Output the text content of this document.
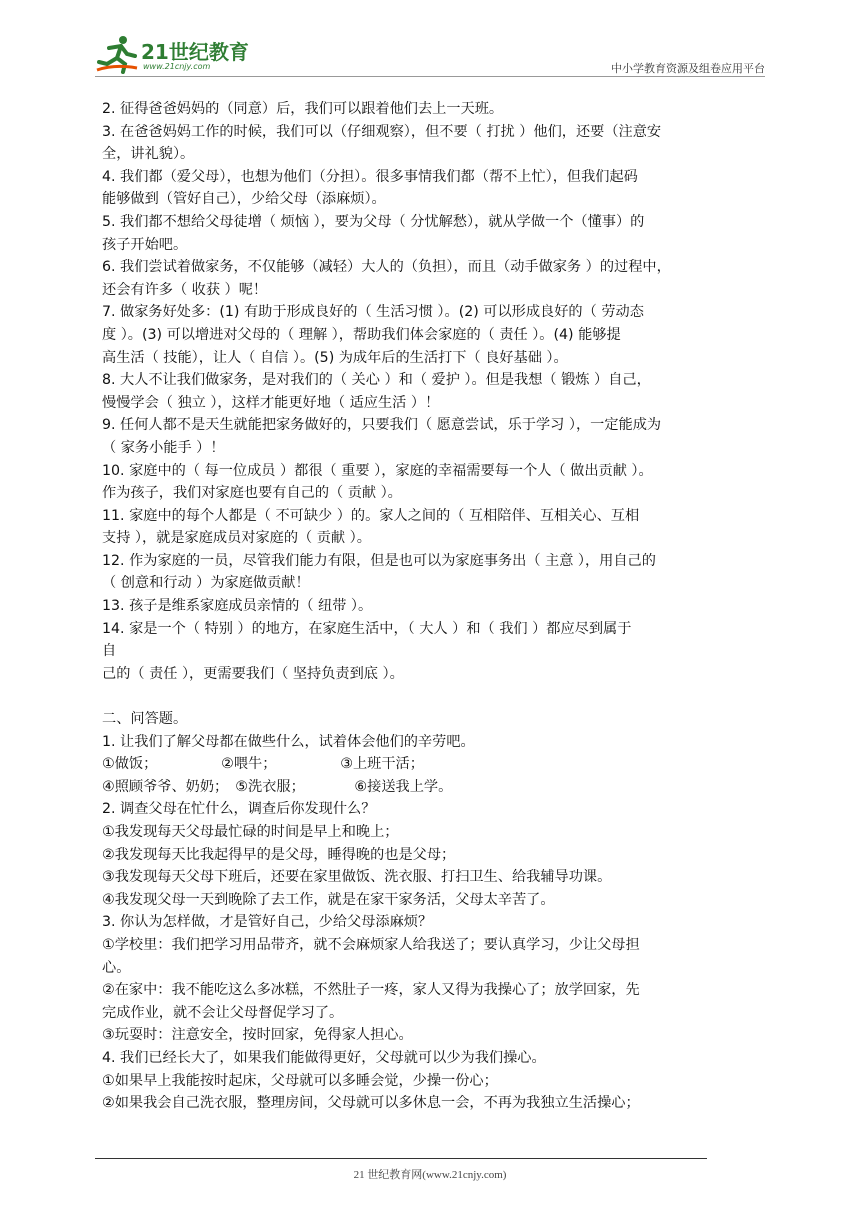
21世纪教育
www.21cnjy.com	中小学教育资源及组卷应用平台

2. 征得爸爸妈妈的（同意）后，我们可以跟着他们去上一天班。

3. 在爸爸妈妈工作的时候，我们可以（仔细观察），但不要（ 打扰 ）他们，还要（注意安

全，讲礼貌）。

4. 我们都（爱父母），也想为他们（分担）。很多事情我们都（帮不上忙），但我们起码

能够做到（管好自己），少给父母（添麻烦）。

5. 我们都不想给父母徒增（ 烦恼 ），要为父母（ 分忧解愁），就从学做一个（懂事）的

孩子开始吧。

6. 我们尝试着做家务，不仅能够（减轻）大人的（负担），而且（动手做家务 ）的过程中，

还会有许多（ 收获 ）呢！

7. 做家务好处多：(1) 有助于形成良好的（ 生活习惯 ）。(2) 可以形成良好的（ 劳动态

度 ）。(3) 可以增进对父母的（ 理解 ），帮助我们体会家庭的（ 责任 ）。(4) 能够提

高生活（ 技能），让人（ 自信 ）。(5) 为成年后的生活打下（ 良好基础 ）。

8. 大人不让我们做家务，是对我们的（ 关心 ）和（ 爱护 ）。但是我想（ 锻炼 ）自己，

慢慢学会（ 独立 ），这样才能更好地（ 适应生活 ）！

9. 任何人都不是天生就能把家务做好的，只要我们（ 愿意尝试，乐于学习 ），一定能成为

（ 家务小能手 ）！

10. 家庭中的（ 每一位成员 ）都很（ 重要 ），家庭的幸福需要每一个人（ 做出贡献 ）。

作为孩子，我们对家庭也要有自己的（ 贡献 ）。

11. 家庭中的每个人都是（ 不可缺少 ）的。家人之间的（ 互相陪伴、互相关心、互相

支持 ），就是家庭成员对家庭的（ 贡献 ）。

12. 作为家庭的一员，尽管我们能力有限，但是也可以为家庭事务出（ 主意 ），用自己的

（ 创意和行动 ）为家庭做贡献！

13. 孩子是维系家庭成员亲情的（ 纽带 ）。

14. 家是一个（ 特别 ）的地方，在家庭生活中，（ 大人 ）和（ 我们 ）都应尽到属于

自

己的（ 责任 ），更需要我们（ 坚持负责到底 ）。

二、问答题。

1. 让我们了解父母都在做些什么，试着体会他们的辛劳吧。

①做饭；　　　　　②喂牛；　　　　　③上班干活；

④照顾爷爷、奶奶；　⑤洗衣服；　　　　⑥接送我上学。

2. 调查父母在忙什么，调查后你发现什么？

①我发现每天父母最忙碌的时间是早上和晚上；

②我发现每天比我起得早的是父母，睡得晚的也是父母；

③我发现每天父母下班后，还要在家里做饭、洗衣服、打扫卫生、给我辅导功课。

④我发现父母一天到晚除了去工作，就是在家干家务活，父母太辛苦了。

3. 你认为怎样做，才是管好自己，少给父母添麻烦？

①学校里：我们把学习用品带齐，就不会麻烦家人给我送了；要认真学习，少让父母担

心。

②在家中：我不能吃这么多冰糕，不然肚子一疼，家人又得为我操心了；放学回家，先

完成作业，就不会让父母督促学习了。

③玩耍时：注意安全，按时回家，免得家人担心。

4. 我们已经长大了，如果我们能做得更好，父母就可以少为我们操心。

①如果早上我能按时起床，父母就可以多睡会觉，少操一份心；

②如果我会自己洗衣服，整理房间，父母就可以多休息一会，不再为我独立生活操心；

21 世纪教育网(www.21cnjy.com)
